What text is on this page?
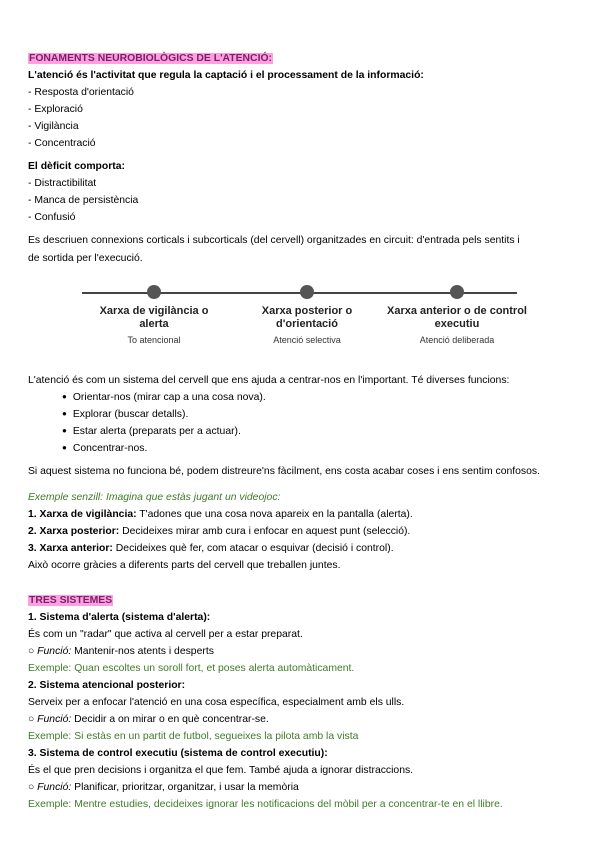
FONAMENTS NEUROBIOLÒGICS DE L'ATENCIÓ:
L'atenció és l'activitat que regula la captació i el processament de la informació:
- Resposta d'orientació
- Exploració
- Vigilància
- Concentració
El dèficit comporta:
- Distractibilitat
- Manca de persistència
- Confusió
Es descriuen connexions corticals i subcorticals (del cervell) organitzades en circuit: d'entrada pels sentits i de sortida per l'execució.
Xarxa de vigilància o alerta
To atencional
Xarxa posterior o d'orientació
Atenció selectiva
Xarxa anterior o de control executiu
Atenció deliberada
L'atenció és com un sistema del cervell que ens ajuda a centrar-nos en l'important. Té diverses funcions:
● Orientar-nos (mirar cap a una cosa nova).
● Explorar (buscar detalls).
● Estar alerta (preparats per a actuar).
● Concentrar-nos.
Si aquest sistema no funciona bé, podem distreure'ns fàcilment, ens costa acabar coses i ens sentim confosos.
Exemple senzill: Imagina que estàs jugant un videojoc:
1. Xarxa de vigilància: T'adones que una cosa nova apareix en la pantalla (alerta).
2. Xarxa posterior: Decideixes mirar amb cura i enfocar en aquest punt (selecció).
3. Xarxa anterior: Decideixes què fer, com atacar o esquivar (decisió i control).
Això ocorre gràcies a diferents parts del cervell que treballen juntes.
TRES SISTEMES
1. Sistema d'alerta (sistema d'alerta):
És com un "radar" que activa al cervell per a estar preparat.
○ Funció: Mantenir-nos atents i desperts
Exemple: Quan escoltes un soroll fort, et poses alerta automàticament.
2. Sistema atencional posterior:
Serveix per a enfocar l'atenció en una cosa específica, especialment amb els ulls.
○ Funció: Decidir a on mirar o en què concentrar-se.
Exemple: Si estàs en un partit de futbol, segueixes la pilota amb la vista
3. Sistema de control executiu (sistema de control executiu):
És el que pren decisions i organitza el que fem. També ajuda a ignorar distraccions.
○ Funció: Planificar, prioritzar, organitzar, i usar la memòria
Exemple: Mentre estudies, decideixes ignorar les notificacions del mòbil per a concentrar-te en el llibre.
